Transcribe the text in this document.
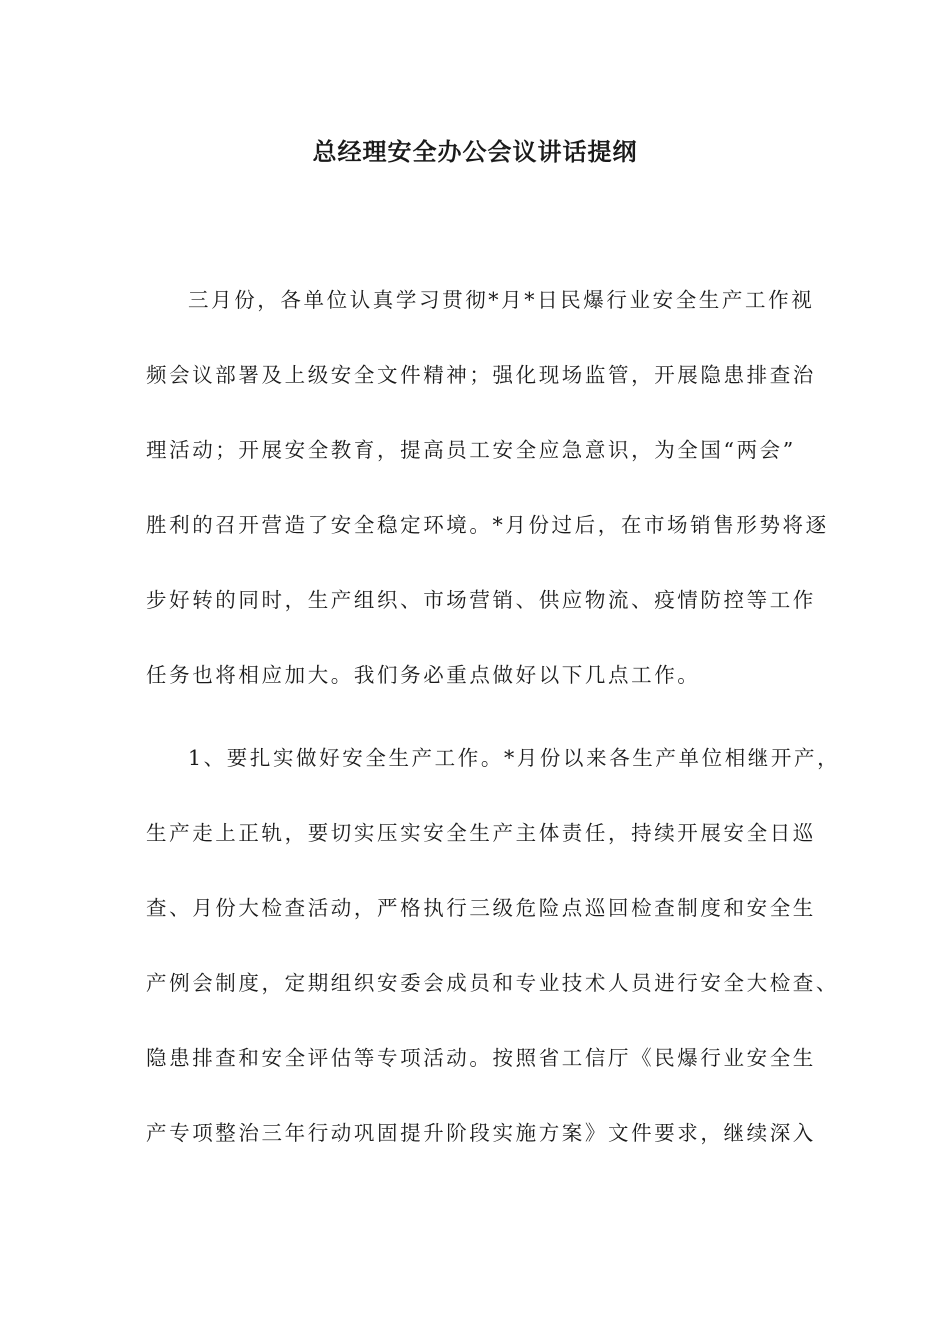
总经理安全办公会议讲话提纲
三月份，各单位认真学习贯彻*月*日民爆行业安全生产工作视
频会议部署及上级安全文件精神；强化现场监管，开展隐患排查治
理活动；开展安全教育，提高员工安全应急意识，为全国“两会”
胜利的召开营造了安全稳定环境。*月份过后，在市场销售形势将逐
步好转的同时，生产组织、市场营销、供应物流、疫情防控等工作
任务也将相应加大。我们务必重点做好以下几点工作。
1、要扎实做好安全生产工作。*月份以来各生产单位相继开产，
生产走上正轨，要切实压实安全生产主体责任，持续开展安全日巡
查、月份大检查活动，严格执行三级危险点巡回检查制度和安全生
产例会制度，定期组织安委会成员和专业技术人员进行安全大检查、
隐患排查和安全评估等专项活动。按照省工信厅《民爆行业安全生
产专项整治三年行动巩固提升阶段实施方案》文件要求，继续深入
